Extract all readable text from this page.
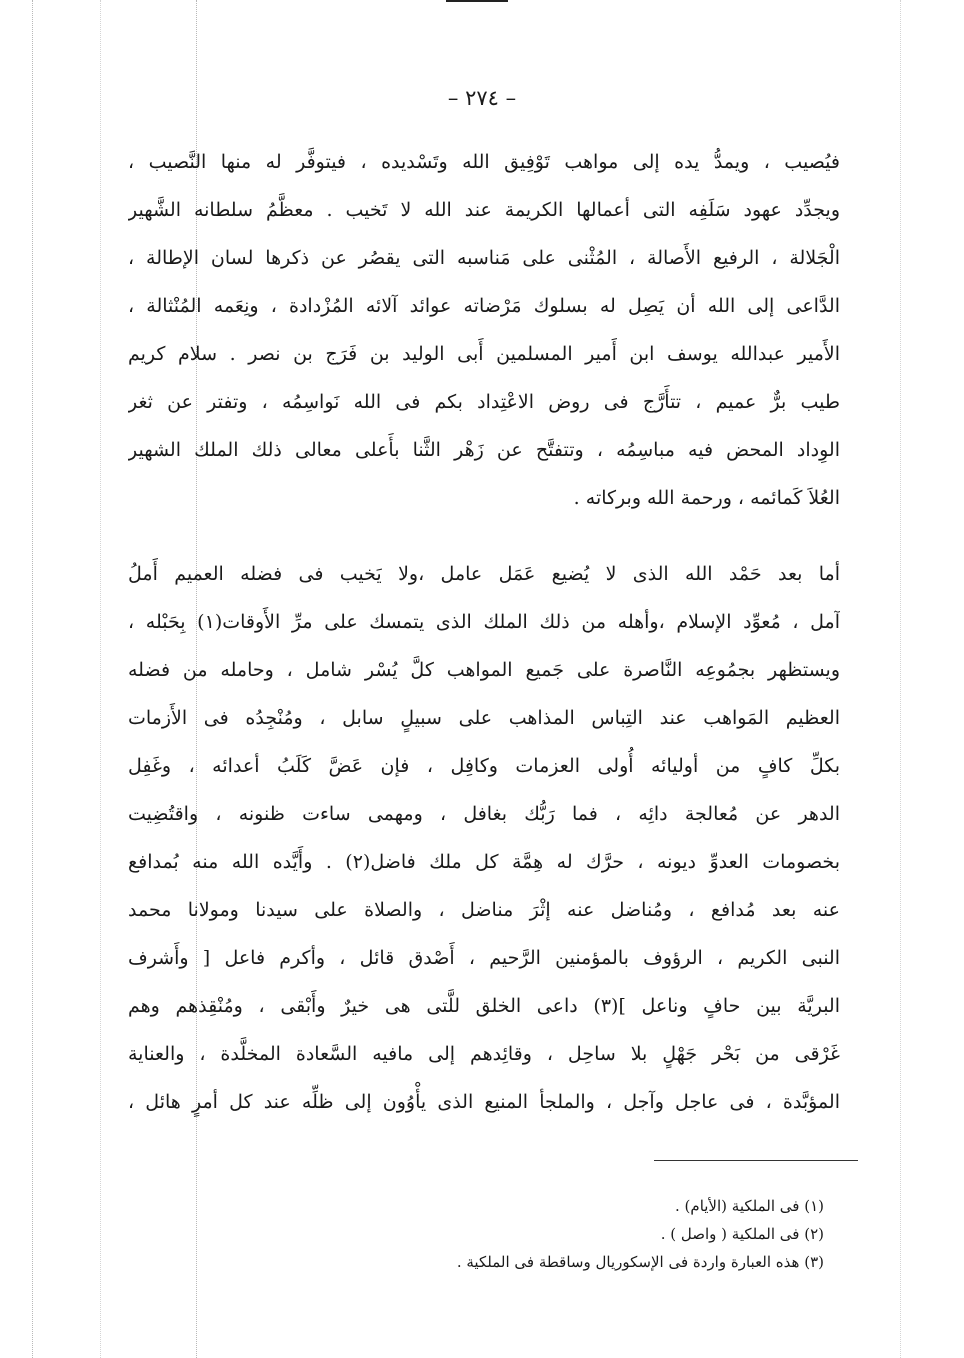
– ٢٧٤ –
فيُصيب ، ويمدُّ يده إلى مواهب تَوْفِيق الله وتَسْديده ، فيتوفَّر له منها النَّصيب ،
ويجدِّد عهود سَلَفِه التى أعمالها الكريمة عند الله لا تَخيب . معظَّمُ سلطانه الشَّهير
الْجَلالة ، الرفيع الأَصالة ، المُثْنى على مَناسبه التى يقصُر عن ذكرها لسان الإطالة ،
الدَّاعى إلى الله أن يَصِل له بسلوك مَرْضاته عوائد آلائه المُزْدادة ، ونِعَمه المُنْثالة ،
الأَمير عبدالله يوسف ابن أَمير المسلمين أَبى الوليد بن فَرَج بن نصر . سلام كريم
طيب برٌّ عميم ، تتأَرَّج فى روض الاعْتِداد بكم فى الله نَواسِمُه ، وتفتر عن ثغر
الوِداد المحض فيه مباسِمُه ، وتتفتَّح عن زَهْر الثَّنا بأَعلى معالى ذلك الملك الشهير
العُلاَ كَمائمه ، ورحمة الله وبركاته .
أما بعد حَمْد الله الذى لا يُضيع عَمَل عامل ،ولا يَخيب فى فضله العميم أَملُ
آمل ، مُعوِّد الإسلام ،وأهله من ذلك الملك الذى يتمسك على مرِّ الأَوقات(١) بِحَبْله ،
ويستظهر بجمُوعِه النَّاصرة على جَميع المواهب كلَّ يُسْر شامل ، وحامله من فضله
العظيم المَواهب عند التِباس المذاهب على سبيلٍ سابل ، ومُنْجِدُه فى الأَزمات
بكلِّ كافٍ من أوليائه أُولى العزمات وكافِل ، فإن عَضَّ كَلَبُ أعدائه ، وغَفِل
الدهر عن مُعالجة دائِه ، فما رَبُّك بغافل ، ومهمى ساءت ظنونه ، واقتُضِيت
بخصومات العدوِّ ديونه ، حرَّك له هِمَّة كل ملك فاضل(٢) . وأَيَّده الله منه بُمدافع
عنه بعد مُدافع ، ومُناضل عنه إثْرَ مناضل ، والصلاة على سيدنا ومولانا محمد
النبى الكريم ، الرؤوف بالمؤمنين الرَّحيم ، أَصْدق قائل ، وأكرم فاعل [ وأَشرف
البريَّة بين حافٍ وناعل ](٣) داعى الخلق للَّتى هى خيرٌ وأَبْقى ، ومُنْقِذهم وهم
غَرْقى من بَحْر جَهْلٍ بلا ساحِل ، وقائِدهم إلى مافيه السَّعادة المخلَّدة ، والعناية
المؤبَّدة ، فى عاجل وآجل ، والملجأ المنيع الذى يأْوُون إلى ظلِّه عند كل أمرٍ هائل ،
(١) فى الملكية (الأيام) .
(٢) فى الملكية ( واصل ) .
(٣) هذه العبارة واردة فى الإسكوريال وساقطة فى الملكية .
